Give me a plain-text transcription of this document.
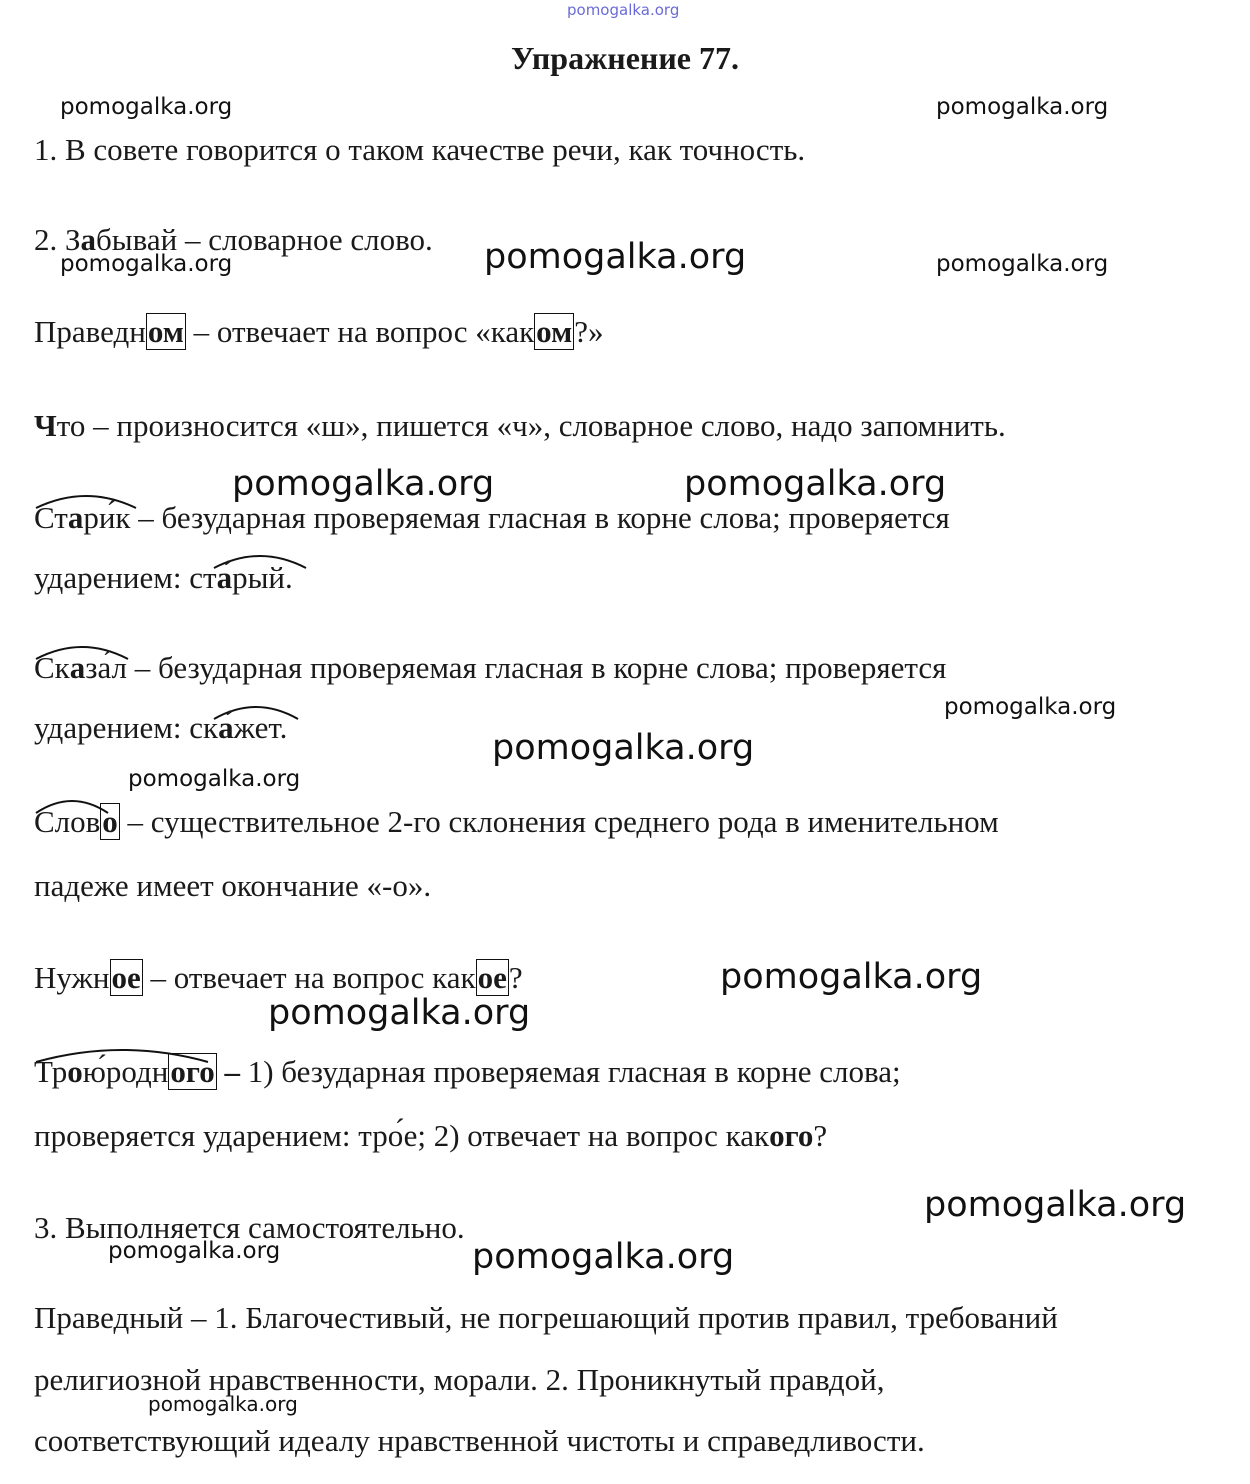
pomogalka.org
pomogalka.org	pomogalka.org
pomogalka.org	pomogalka.org	pomogalka.org
pomogalka.org	pomogalka.org
pomogalka.org
pomogalka.org
pomogalka.org
pomogalka.org
pomogalka.org
pomogalka.org
pomogalka.org	pomogalka.org
pomogalka.org
Упражнение 77.
1. В совете говорится о таком качестве речи, как точность.
2. Забывай – словарное слово.
Праведном – отвечает на вопрос «каком?»
Что – произносится «ш», пишется «ч», словарное слово, надо запомнить.
Стари́к – безударная проверяемая гласная в корне слова; проверяется
ударением: ста́рый.
Сказа́л – безударная проверяемая гласная в корне слова; проверяется
ударением: ска́жет.
Слово – существительное 2-го склонения среднего рода в именительном
падеже имеет окончание «-о».
Нужное – отвечает на вопрос какое?
Трою́родного – 1) безударная проверяемая гласная в корне слова;
проверяется ударением: тро́е; 2) отвечает на вопрос какого?
3. Выполняется самостоятельно.
Праведный – 1. Благочестивый, не погрешающий против правил, требований
религиозной нравственности, морали. 2. Проникнутый правдой,
соответствующий идеалу нравственной чистоты и справедливости.
